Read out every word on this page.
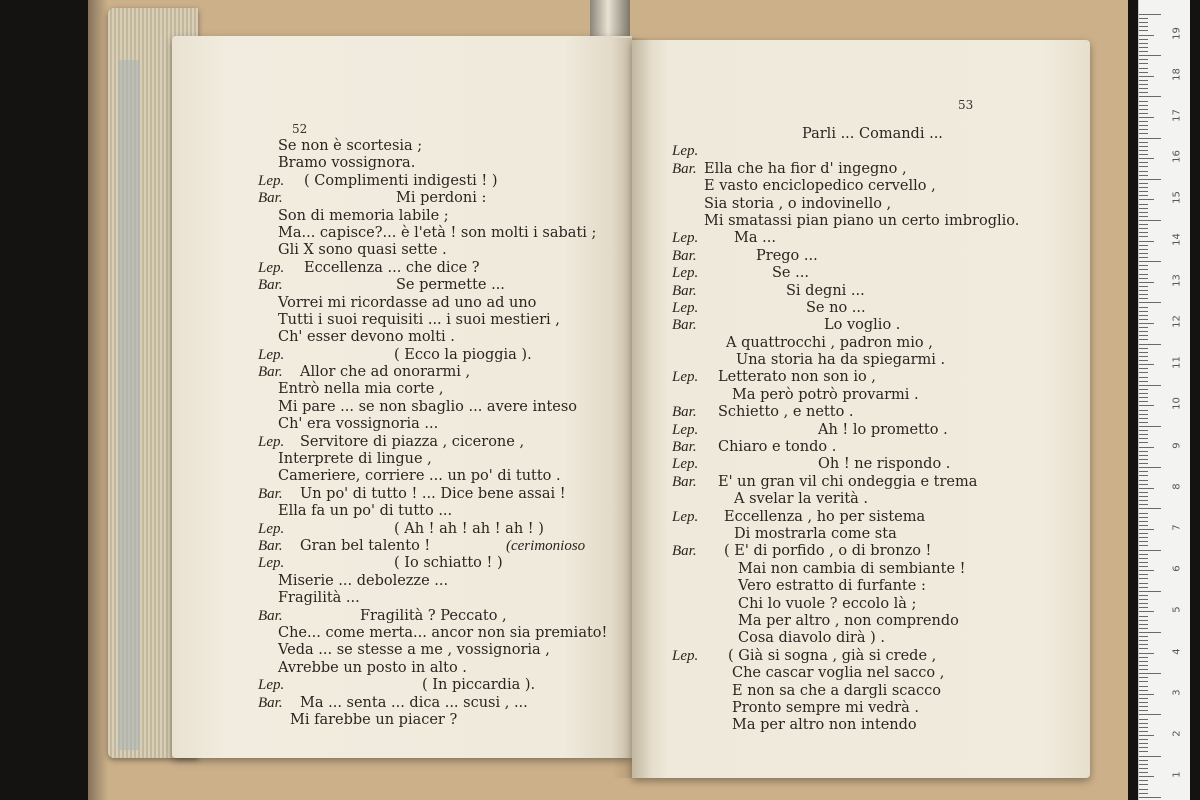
52
Se non è scortesia ;
Bramo vossignora.
Lep. ( Complimenti indigesti ! )
Bar.	Mi perdoni :
Son di memoria labile ;
Ma... capisce?... è l'età ! son molti i sabati ;
Gli X sono quasi sette .
Lep. Eccellenza ... che dice ?
Bar.	Se permette ...
Vorrei mi ricordasse ad uno ad uno
Tutti i suoi requisiti ... i suoi mestieri ,
Ch' esser devono molti .
Lep.	( Ecco la pioggia ).
Bar. Allor che ad onorarmi ,
Entrò nella mia corte ,
Mi pare ... se non sbaglio ... avere inteso
Ch' era vossignoria ...
Lep. Servitore di piazza , cicerone ,
Interprete di lingue ,
Cameriere, corriere ... un po' di tutto .
Bar. Un po' di tutto ! ... Dice bene assai !
Ella fa un po' di tutto ...
Lep.	( Ah ! ah ! ah ! ah ! )
Bar. Gran bel talento !	(cerimonioso
Lep.	( Io schiatto ! )
Miserie ... debolezze ...
Fragilità ...
Bar.	Fragilità ? Peccato ,
Che... come merta... ancor non sia premiato!
Veda ... se stesse a me , vossignoria ,
Avrebbe un posto in alto .
Lep.	( In piccardia ).
Bar. Ma ... senta ... dica ... scusi , ...
Mi farebbe un piacer ?
53
Parli ... Comandi ...
Lep.
Bar. Ella che ha fior d' ingegno ,
E vasto enciclopedico cervello ,
Sia storia , o indovinello ,
Mi smatassi pian piano un certo imbroglio.
Lep. Ma ...
Bar.	Prego ...
Lep.	Se ...
Bar.	Si degni ...
Lep.	Se no ...
Bar.	Lo voglio .
A quattrocchi , padron mio ,
Una storia ha da spiegarmi .
Lep. Letterato non son io ,
Ma però potrò provarmi .
Bar. Schietto , e netto .
Lep.	Ah ! lo prometto .
Bar. Chiaro e tondo .
Lep.	Oh ! ne rispondo .
Bar. E' un gran vil chi ondeggia e trema
A svelar la verità .
Lep. Eccellenza , ho per sistema
Di mostrarla come sta
Bar. ( E' di porfido , o di bronzo !
Mai non cambia di sembiante !
Vero estratto di furfante :
Chi lo vuole ? eccolo là ;
Ma per altro , non comprendo
Cosa diavolo dirà ) .
Lep. ( Già si sogna , già si crede ,
Che cascar voglia nel sacco ,
E non sa che a dargli scacco
Pronto sempre mi vedrà .
Ma per altro non intendo
19
18
17
16
15
14
13
12
11
10
9
8
7
6
5
4
3
2
1
